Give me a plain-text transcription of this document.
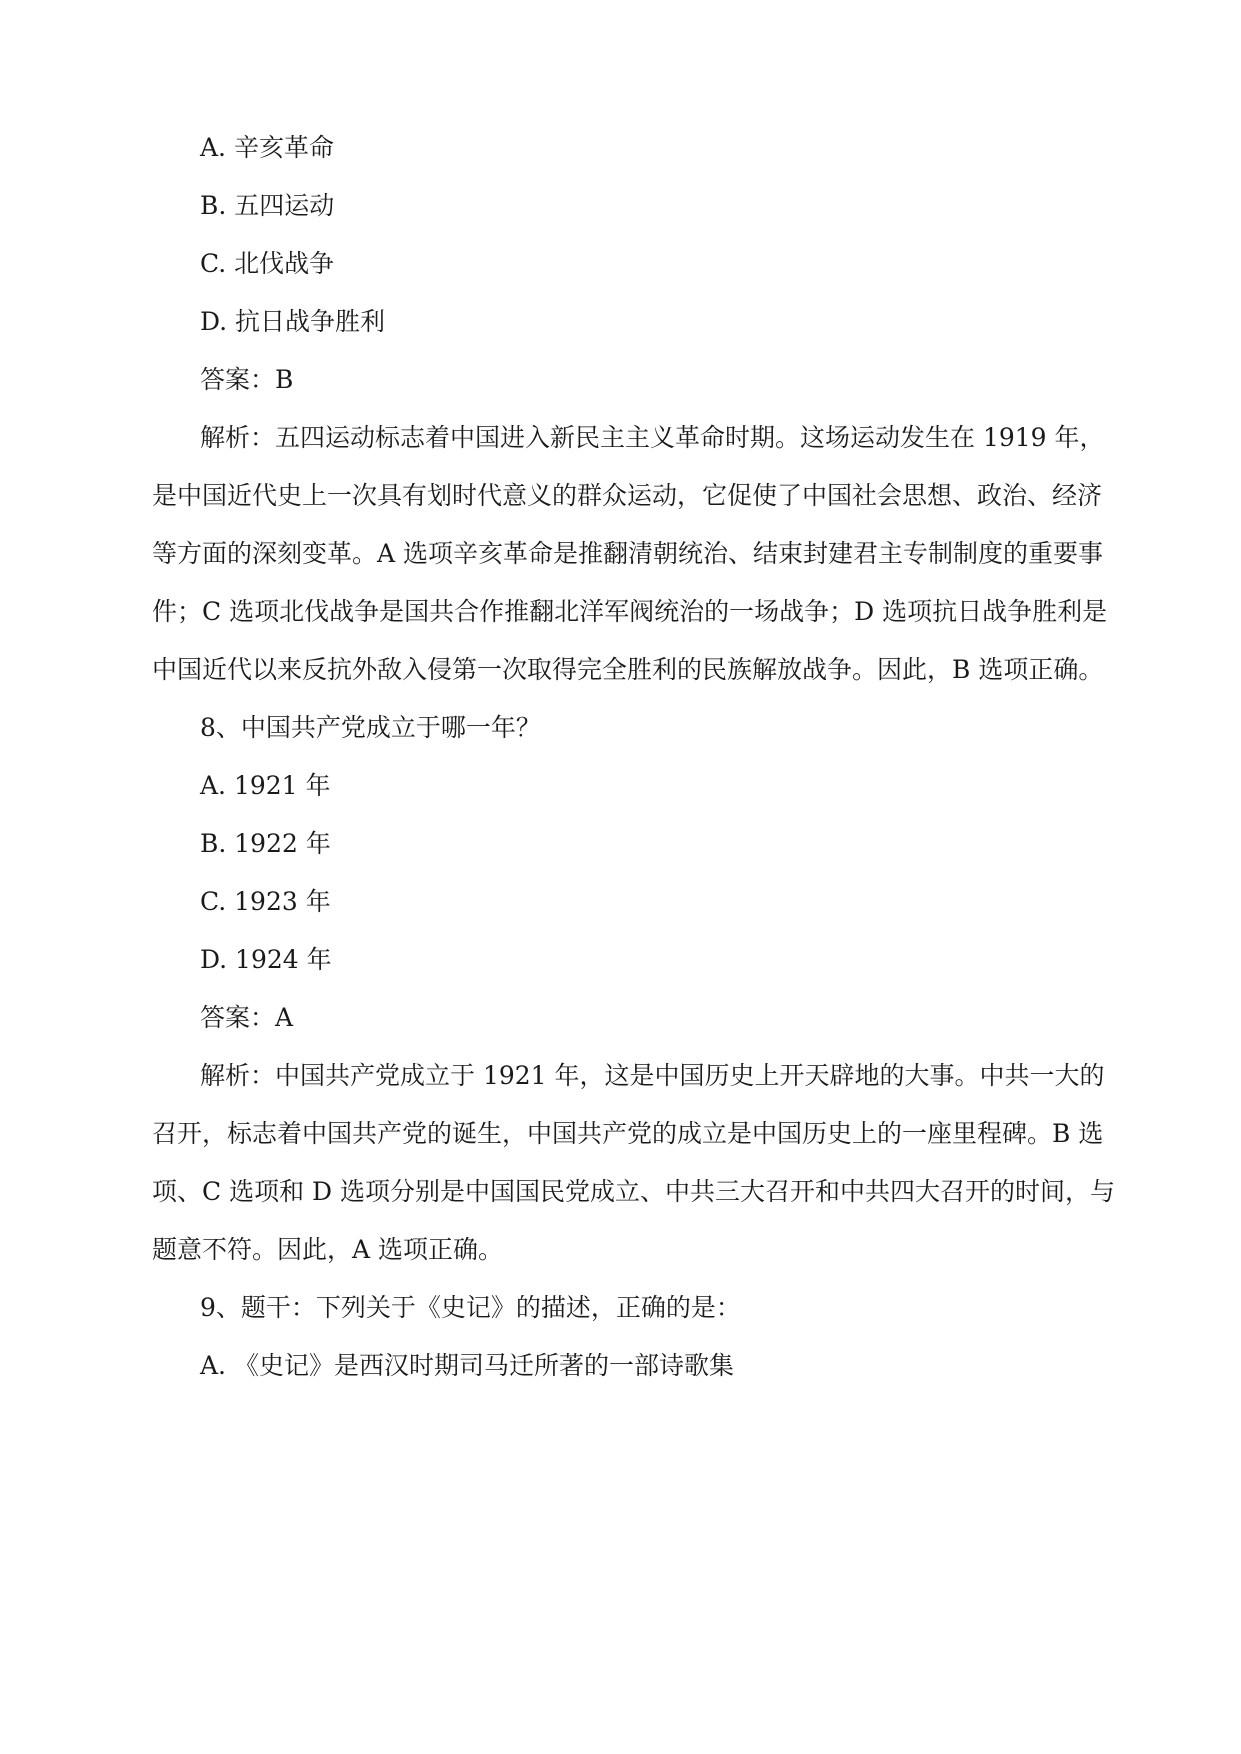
A. 辛亥革命
B. 五四运动
C. 北伐战争
D. 抗日战争胜利
答案：B
解析：五四运动标志着中国进入新民主主义革命时期。这场运动发生在 1919 年，
是中国近代史上一次具有划时代意义的群众运动，它促使了中国社会思想、政治、经济
等方面的深刻变革。A 选项辛亥革命是推翻清朝统治、结束封建君主专制制度的重要事
件；C 选项北伐战争是国共合作推翻北洋军阀统治的一场战争；D 选项抗日战争胜利是
中国近代以来反抗外敌入侵第一次取得完全胜利的民族解放战争。因此，B 选项正确。
8、中国共产党成立于哪一年？
A. 1921 年
B. 1922 年
C. 1923 年
D. 1924 年
答案：A
解析：中国共产党成立于 1921 年，这是中国历史上开天辟地的大事。中共一大的
召开，标志着中国共产党的诞生，中国共产党的成立是中国历史上的一座里程碑。B 选
项、C 选项和 D 选项分别是中国国民党成立、中共三大召开和中共四大召开的时间，与
题意不符。因此，A 选项正确。
9、题干：下列关于《史记》的描述，正确的是：
A. 《史记》是西汉时期司马迁所著的一部诗歌集
